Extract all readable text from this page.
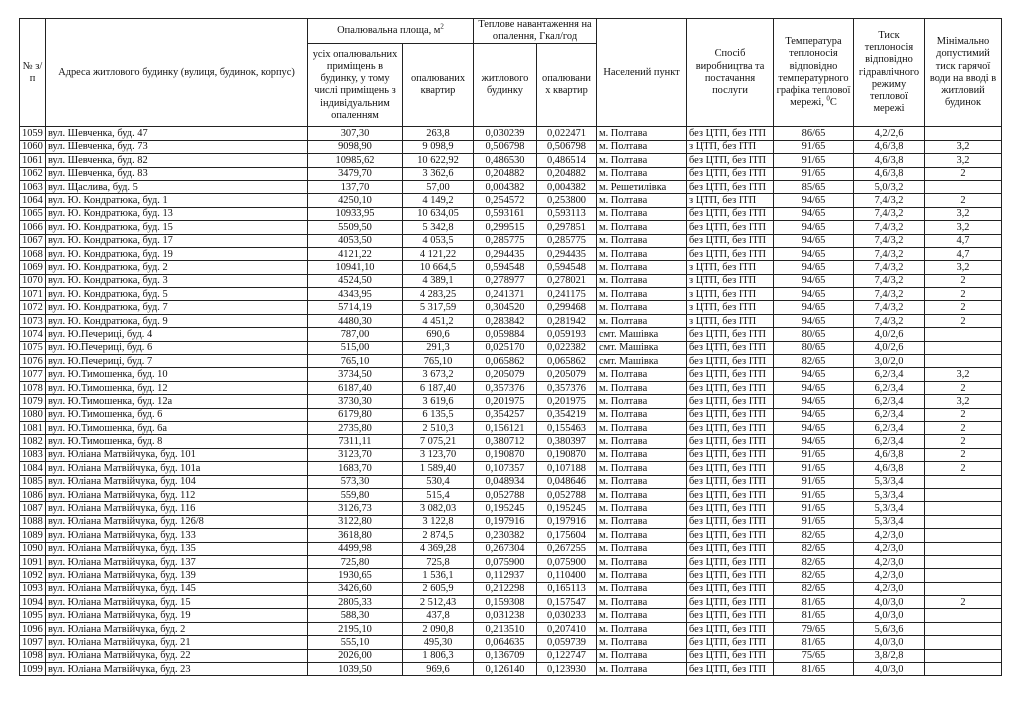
№ з/п	Адреса житлового будинку (вулиця, будинок, корпус)	Опалювальна площа, $м^2$		Теплове навантаження на опалення, Гкал/год		Населений пункт	Спосіб виробництва та постачання послуги	Температура теплоносія відповідно температурного графіка теплової мережі, $^0$C	Тиск теплоносія відповідно гідравлічного режиму теплової мережі	Мінімально допустимий тиск гарячої води на вводі в житловий будинок
		усіх опалювальних приміщень в будинку, у тому числі приміщень з індивідуальним опаленням	опалюваних квартир	житлового будинку	опалювани х квартир					
1059	вул. Шевченка, буд. 47	307,30	263,8	0,030239	0,022471	м. Полтава	без ЦТП, без ІТП	86/65	4,2/2,6	
1060	вул. Шевченка, буд. 73	9098,90	9 098,9	0,506798	0,506798	м. Полтава	з ЦТП, без ІТП	91/65	4,6/3,8	3,2
1061	вул. Шевченка, буд. 82	10985,62	10 622,92	0,486530	0,486514	м. Полтава	без ЦТП, без ІТП	91/65	4,6/3,8	3,2
1062	вул. Шевченка, буд. 83	3479,70	3 362,6	0,204882	0,204882	м. Полтава	без ЦТП, без ІТП	91/65	4,6/3,8	2
1063	вул. Щаслива, буд. 5	137,70	57,00	0,004382	0,004382	м. Решетилівка	без ЦТП, без ІТП	85/65	5,0/3,2	
1064	вул. Ю. Кондратюка, буд. 1	4250,10	4 149,2	0,254572	0,253800	м. Полтава	з ЦТП, без ІТП	94/65	7,4/3,2	2
1065	вул. Ю. Кондратюка, буд. 13	10933,95	10 634,05	0,593161	0,593113	м. Полтава	без ЦТП, без ІТП	94/65	7,4/3,2	3,2
1066	вул. Ю. Кондратюка, буд. 15	5509,50	5 342,8	0,299515	0,297851	м. Полтава	без ЦТП, без ІТП	94/65	7,4/3,2	3,2
1067	вул. Ю. Кондратюка, буд. 17	4053,50	4 053,5	0,285775	0,285775	м. Полтава	без ЦТП, без ІТП	94/65	7,4/3,2	4,7
1068	вул. Ю. Кондратюка, буд. 19	4121,22	4 121,22	0,294435	0,294435	м. Полтава	без ЦТП, без ІТП	94/65	7,4/3,2	4,7
1069	вул. Ю. Кондратюка, буд. 2	10941,10	10 664,5	0,594548	0,594548	м. Полтава	з ЦТП, без ІТП	94/65	7,4/3,2	3,2
1070	вул. Ю. Кондратюка, буд. 3	4524,50	4 389,1	0,278977	0,278021	м. Полтава	з ЦТП, без ІТП	94/65	7,4/3,2	2
1071	вул. Ю. Кондратюка, буд. 5	4343,95	4 283,25	0,241371	0,241175	м. Полтава	з ЦТП, без ІТП	94/65	7,4/3,2	2
1072	вул. Ю. Кондратюка, буд. 7	5714,19	5 317,59	0,304520	0,299468	м. Полтава	з ЦТП, без ІТП	94/65	7,4/3,2	2
1073	вул. Ю. Кондратюка, буд. 9	4480,30	4 451,2	0,283842	0,281942	м. Полтава	з ЦТП, без ІТП	94/65	7,4/3,2	2
1074	вул. Ю.Печериці, буд. 4	787,00	690,6	0,059884	0,059193	смт. Машівка	без ЦТП, без ІТП	80/65	4,0/2,6	
1075	вул. Ю.Печериці, буд. 6	515,00	291,3	0,025170	0,022382	смт. Машівка	без ЦТП, без ІТП	80/65	4,0/2,6	
1076	вул. Ю.Печериці, буд. 7	765,10	765,10	0,065862	0,065862	смт. Машівка	без ЦТП, без ІТП	82/65	3,0/2,0	
1077	вул. Ю.Тимошенка, буд. 10	3734,50	3 673,2	0,205079	0,205079	м. Полтава	без ЦТП, без ІТП	94/65	6,2/3,4	3,2
1078	вул. Ю.Тимошенка, буд. 12	6187,40	6 187,40	0,357376	0,357376	м. Полтава	без ЦТП, без ІТП	94/65	6,2/3,4	2
1079	вул. Ю.Тимошенка, буд. 12а	3730,30	3 619,6	0,201975	0,201975	м. Полтава	без ЦТП, без ІТП	94/65	6,2/3,4	3,2
1080	вул. Ю.Тимошенка, буд. 6	6179,80	6 135,5	0,354257	0,354219	м. Полтава	без ЦТП, без ІТП	94/65	6,2/3,4	2
1081	вул. Ю.Тимошенка, буд. 6а	2735,80	2 510,3	0,156121	0,155463	м. Полтава	без ЦТП, без ІТП	94/65	6,2/3,4	2
1082	вул. Ю.Тимошенка, буд. 8	7311,11	7 075,21	0,380712	0,380397	м. Полтава	без ЦТП, без ІТП	94/65	6,2/3,4	2
1083	вул. Юліана Матвійчука, буд. 101	3123,70	3 123,70	0,190870	0,190870	м. Полтава	без ЦТП, без ІТП	91/65	4,6/3,8	2
1084	вул. Юліана Матвійчука, буд. 101а	1683,70	1 589,40	0,107357	0,107188	м. Полтава	без ЦТП, без ІТП	91/65	4,6/3,8	2
1085	вул. Юліана Матвійчука, буд. 104	573,30	530,4	0,048934	0,048646	м. Полтава	без ЦТП, без ІТП	91/65	5,3/3,4	
1086	вул. Юліана Матвійчука, буд. 112	559,80	515,4	0,052788	0,052788	м. Полтава	без ЦТП, без ІТП	91/65	5,3/3,4	
1087	вул. Юліана Матвійчука, буд. 116	3126,73	3 082,03	0,195245	0,195245	м. Полтава	без ЦТП, без ІТП	91/65	5,3/3,4	
1088	вул. Юліана Матвійчука, буд. 126/8	3122,80	3 122,8	0,197916	0,197916	м. Полтава	без ЦТП, без ІТП	91/65	5,3/3,4	
1089	вул. Юліана Матвійчука, буд. 133	3618,80	2 874,5	0,230382	0,175604	м. Полтава	без ЦТП, без ІТП	82/65	4,2/3,0	
1090	вул. Юліана Матвійчука, буд. 135	4499,98	4 369,28	0,267304	0,267255	м. Полтава	без ЦТП, без ІТП	82/65	4,2/3,0	
1091	вул. Юліана Матвійчука, буд. 137	725,80	725,8	0,075900	0,075900	м. Полтава	без ЦТП, без ІТП	82/65	4,2/3,0	
1092	вул. Юліана Матвійчука, буд. 139	1930,65	1 536,1	0,112937	0,110400	м. Полтава	без ЦТП, без ІТП	82/65	4,2/3,0	
1093	вул. Юліана Матвійчука, буд. 145	3426,60	2 605,9	0,212298	0,165113	м. Полтава	без ЦТП, без ІТП	82/65	4,2/3,0	
1094	вул. Юліана Матвійчука, буд. 15	2805,33	2 512,43	0,159308	0,157547	м. Полтава	без ЦТП, без ІТП	81/65	4,0/3,0	2
1095	вул. Юліана Матвійчука, буд. 19	588,30	437,8	0,031238	0,030233	м. Полтава	без ЦТП, без ІТП	81/65	4,0/3,0	
1096	вул. Юліана Матвійчука, буд. 2	2195,10	2 090,8	0,213510	0,207410	м. Полтава	без ЦТП, без ІТП	79/65	5,6/3,6	
1097	вул. Юліана Матвійчука, буд. 21	555,10	495,30	0,064635	0,059739	м. Полтава	без ЦТП, без ІТП	81/65	4,0/3,0	
1098	вул. Юліана Матвійчука, буд. 22	2026,00	1 806,3	0,136709	0,122747	м. Полтава	без ЦТП, без ІТП	75/65	3,8/2,8	
1099	вул. Юліана Матвійчука, буд. 23	1039,50	969,6	0,126140	0,123930	м. Полтава	без ЦТП, без ІТП	81/65	4,0/3,0	
